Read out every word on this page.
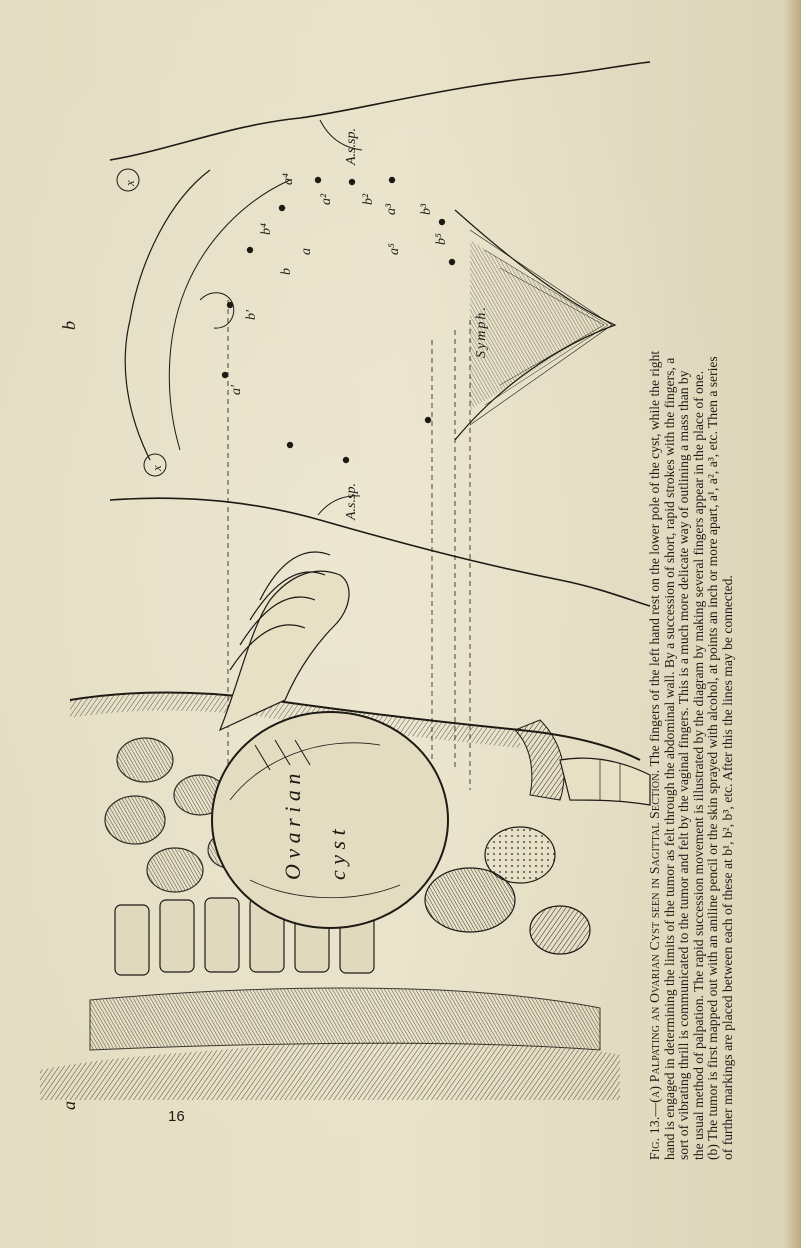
a
b	Symph.
A.s.sp.
A.s.sp.
O v a r i a n c y s t
a
b
a'
b'
a² b²
a³ b³
a⁴
b⁴
a⁵
b⁵
x
x
16	Fig. 13.—(a) Palpating an Ovarian Cyst seen in Sagittal Section. The fingers of the left hand rest on the lower pole of the cyst, while the right hand is engaged in determining the limits of the tumor as felt through the abdominal wall. By a succession of short, rapid strokes with the fingers, a sort of vibrating thrill is communicated to the tumor and felt by the vaginal fingers. This is a much more delicate way of outlining a mass than by the usual method of palpation. The rapid succession movement is illustrated by the diagram by making several fingers appear in the place of one. (b) The tumor is first mapped out with an aniline pencil or the skin sprayed with alcohol, at points an inch or more apart, a¹, a², a³, etc. Then a series of further markings are placed between each of these at b¹, b², b³, etc. After this the lines may be connected.
